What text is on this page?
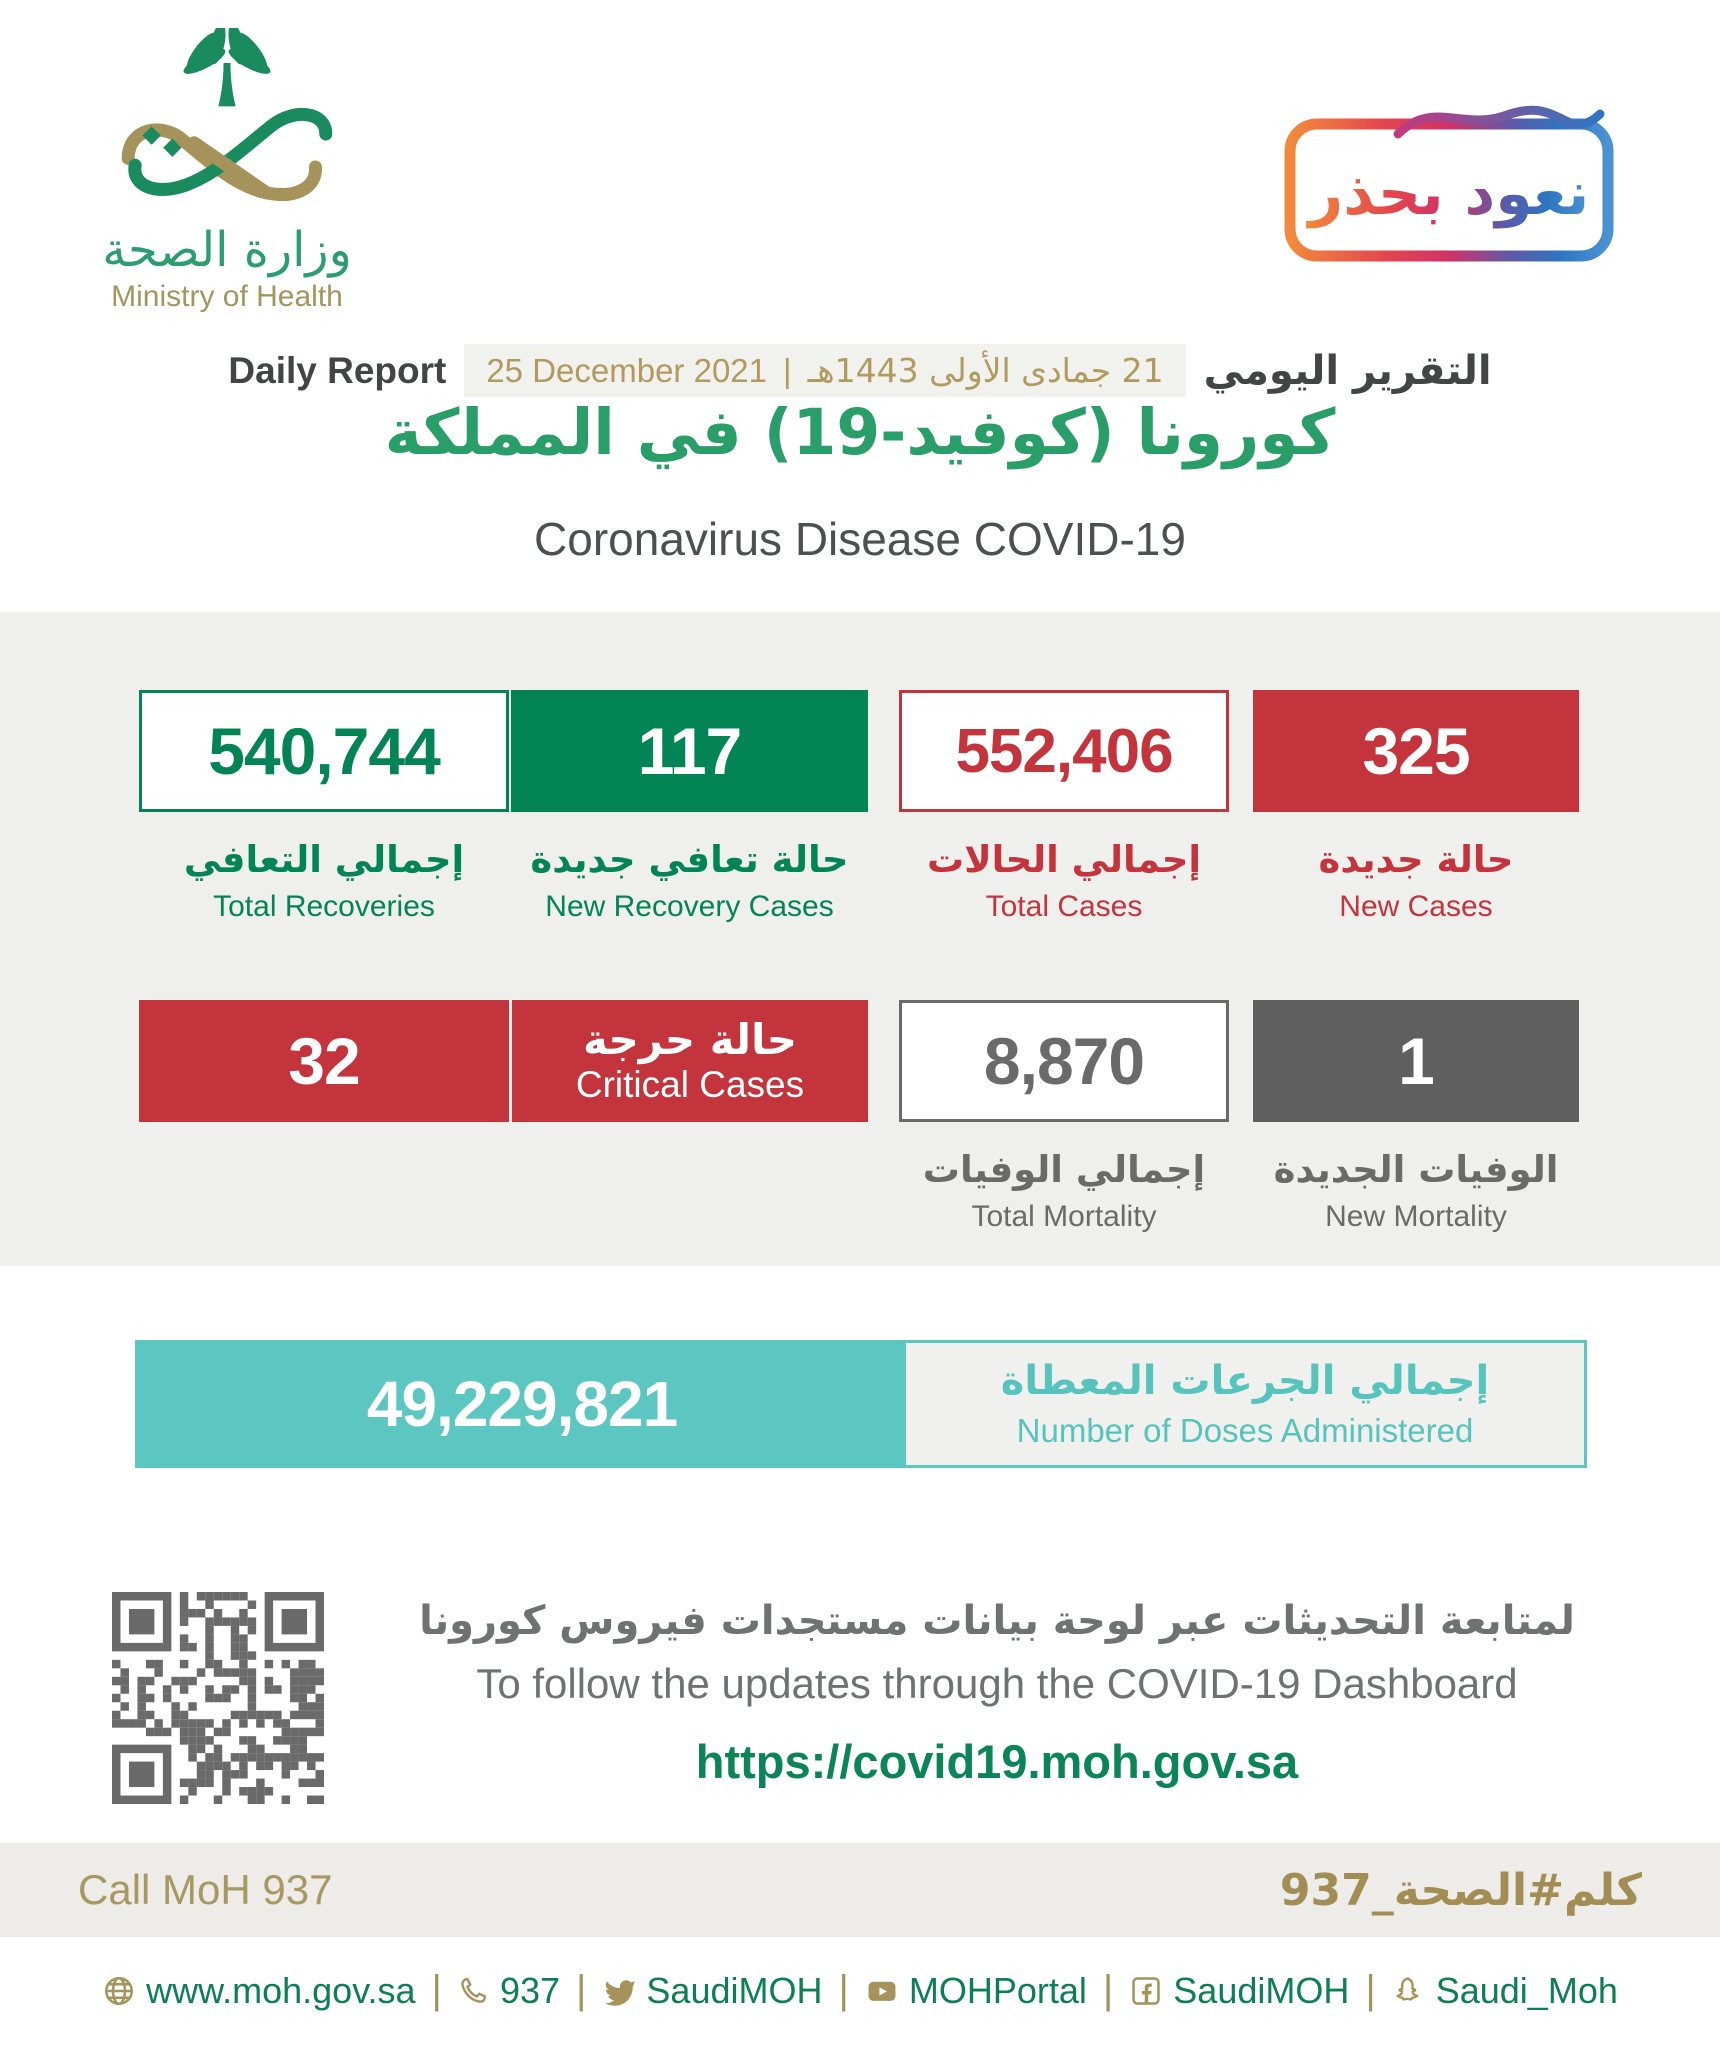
وزارة الصحة
Ministry of Health
نعود بحذر
Daily Report 25 December 2021 | 21 جمادى الأولى 1443هـ التقرير اليومي
كورونا (كوفيد-19) في المملكة
Coronavirus Disease COVID-19
540,744	117	552,406	325
إجمالي التعافي
Total Recoveries
حالة تعافي جديدة
New Recovery Cases
إجمالي الحالات
Total Cases
حالة جديدة
New Cases
32	حالة حرجة
Critical Cases	8,870	1
إجمالي الوفيات
Total Mortality
الوفيات الجديدة
New Mortality
49,229,821	إجمالي الجرعات المعطاة
Number of Doses Administered
لمتابعة التحديثات عبر لوحة بيانات مستجدات فيروس كورونا
To follow the updates through the COVID-19 Dashboard
https://covid19.moh.gov.sa
Call MoH 937	كلم#الصحة_937
www.moh.gov.sa | 937 | SaudiMOH | MOHPortal | SaudiMOH | Saudi_Moh
